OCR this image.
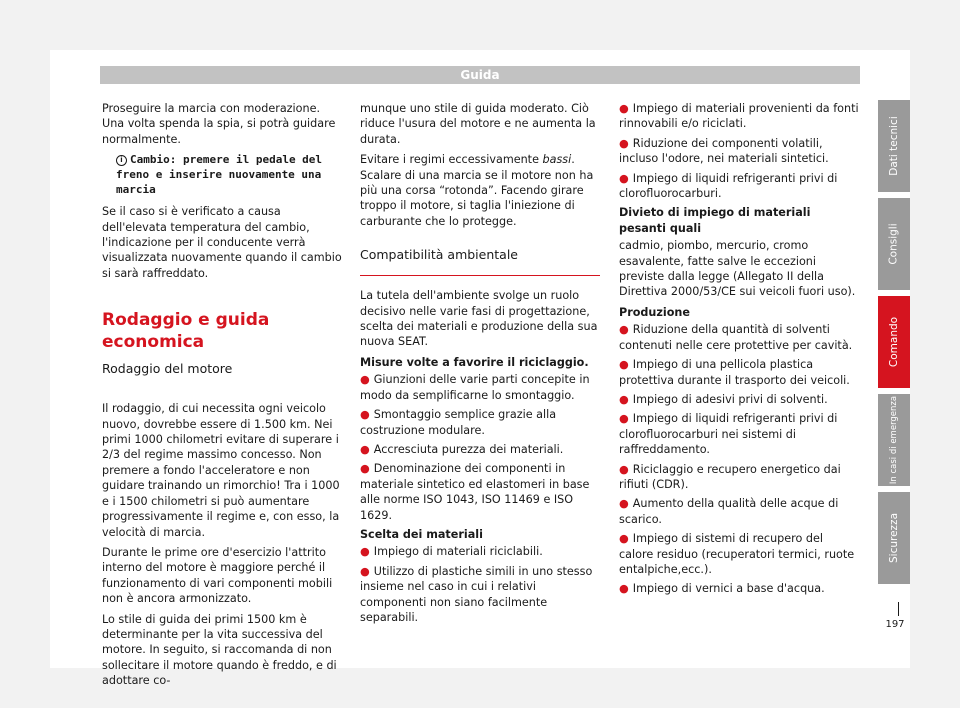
Guida

Proseguire la marcia con moderazione. Una volta spenda la spia, si potrà guidare normalmente.

i Cambio: premere il pedale del freno e inserire nuovamente una marcia

Se il caso si è verificato a causa dell'elevata temperatura del cambio, l'indicazione per il conducente verrà visualizzata nuovamente quando il cambio si sarà raffreddato.

Rodaggio e guida economica
Rodaggio del motore

Il rodaggio, di cui necessita ogni veicolo nuovo, dovrebbe essere di 1.500 km. Nei primi 1000 chilometri evitare di superare i 2/3 del regime massimo concesso. Non premere a fondo l'acceleratore e non guidare trainando un rimorchio! Tra i 1000 e i 1500 chilometri si può aumentare progressivamente il regime e, con esso, la velocità di marcia.

Durante le prime ore d'esercizio l'attrito interno del motore è maggiore perché il funzionamento di vari componenti mobili non è ancora armonizzato.

Lo stile di guida dei primi 1500 km è determinante per la vita successiva del motore. In seguito, si raccomanda di non sollecitare il motore quando è freddo, e di adottare co-

munque uno stile di guida moderato. Ciò riduce l'usura del motore e ne aumenta la durata.

Evitare i regimi eccessivamente bassi. Scalare di una marcia se il motore non ha più una corsa “rotonda”. Facendo girare troppo il motore, si taglia l'iniezione di carburante che lo protegge.

Compatibilità ambientale

La tutela dell'ambiente svolge un ruolo decisivo nelle varie fasi di progettazione, scelta dei materiali e produzione della sua nuova SEAT.

Misure volte a favorire il riciclaggio.

● Giunzioni delle varie parti concepite in modo da semplificarne lo smontaggio.

● Smontaggio semplice grazie alla costruzione modulare.

● Accresciuta purezza dei materiali.

● Denominazione dei componenti in materiale sintetico ed elastomeri in base alle norme ISO 1043, ISO 11469 e ISO 1629.

Scelta dei materiali

● Impiego di materiali riciclabili.

● Utilizzo di plastiche simili in uno stesso insieme nel caso in cui i relativi componenti non siano facilmente separabili.

● Impiego di materiali provenienti da fonti rinnovabili e/o riciclati.

● Riduzione dei componenti volatili, incluso l'odore, nei materiali sintetici.

● Impiego di liquidi refrigeranti privi di clorofluorocarburi.

Divieto di impiego di materiali pesanti quali

cadmio, piombo, mercurio, cromo esavalente, fatte salve le eccezioni previste dalla legge (Allegato II della Direttiva 2000/53/CE sui veicoli fuori uso).

Produzione

● Riduzione della quantità di solventi contenuti nelle cere protettive per cavità.

● Impiego di una pellicola plastica protettiva durante il trasporto dei veicoli.

● Impiego di adesivi privi di solventi.

● Impiego di liquidi refrigeranti privi di clorofluorocarburi nei sistemi di raffreddamento.

● Riciclaggio e recupero energetico dai rifiuti (CDR).

● Aumento della qualità delle acque di scarico.

● Impiego di sistemi di recupero del calore residuo (recuperatori termici, ruote entalpiche,ecc.).

● Impiego di vernici a base d'acqua.

Dati tecnici
Consigli
Comando
In casi di emergenza
Sicurezza
197
